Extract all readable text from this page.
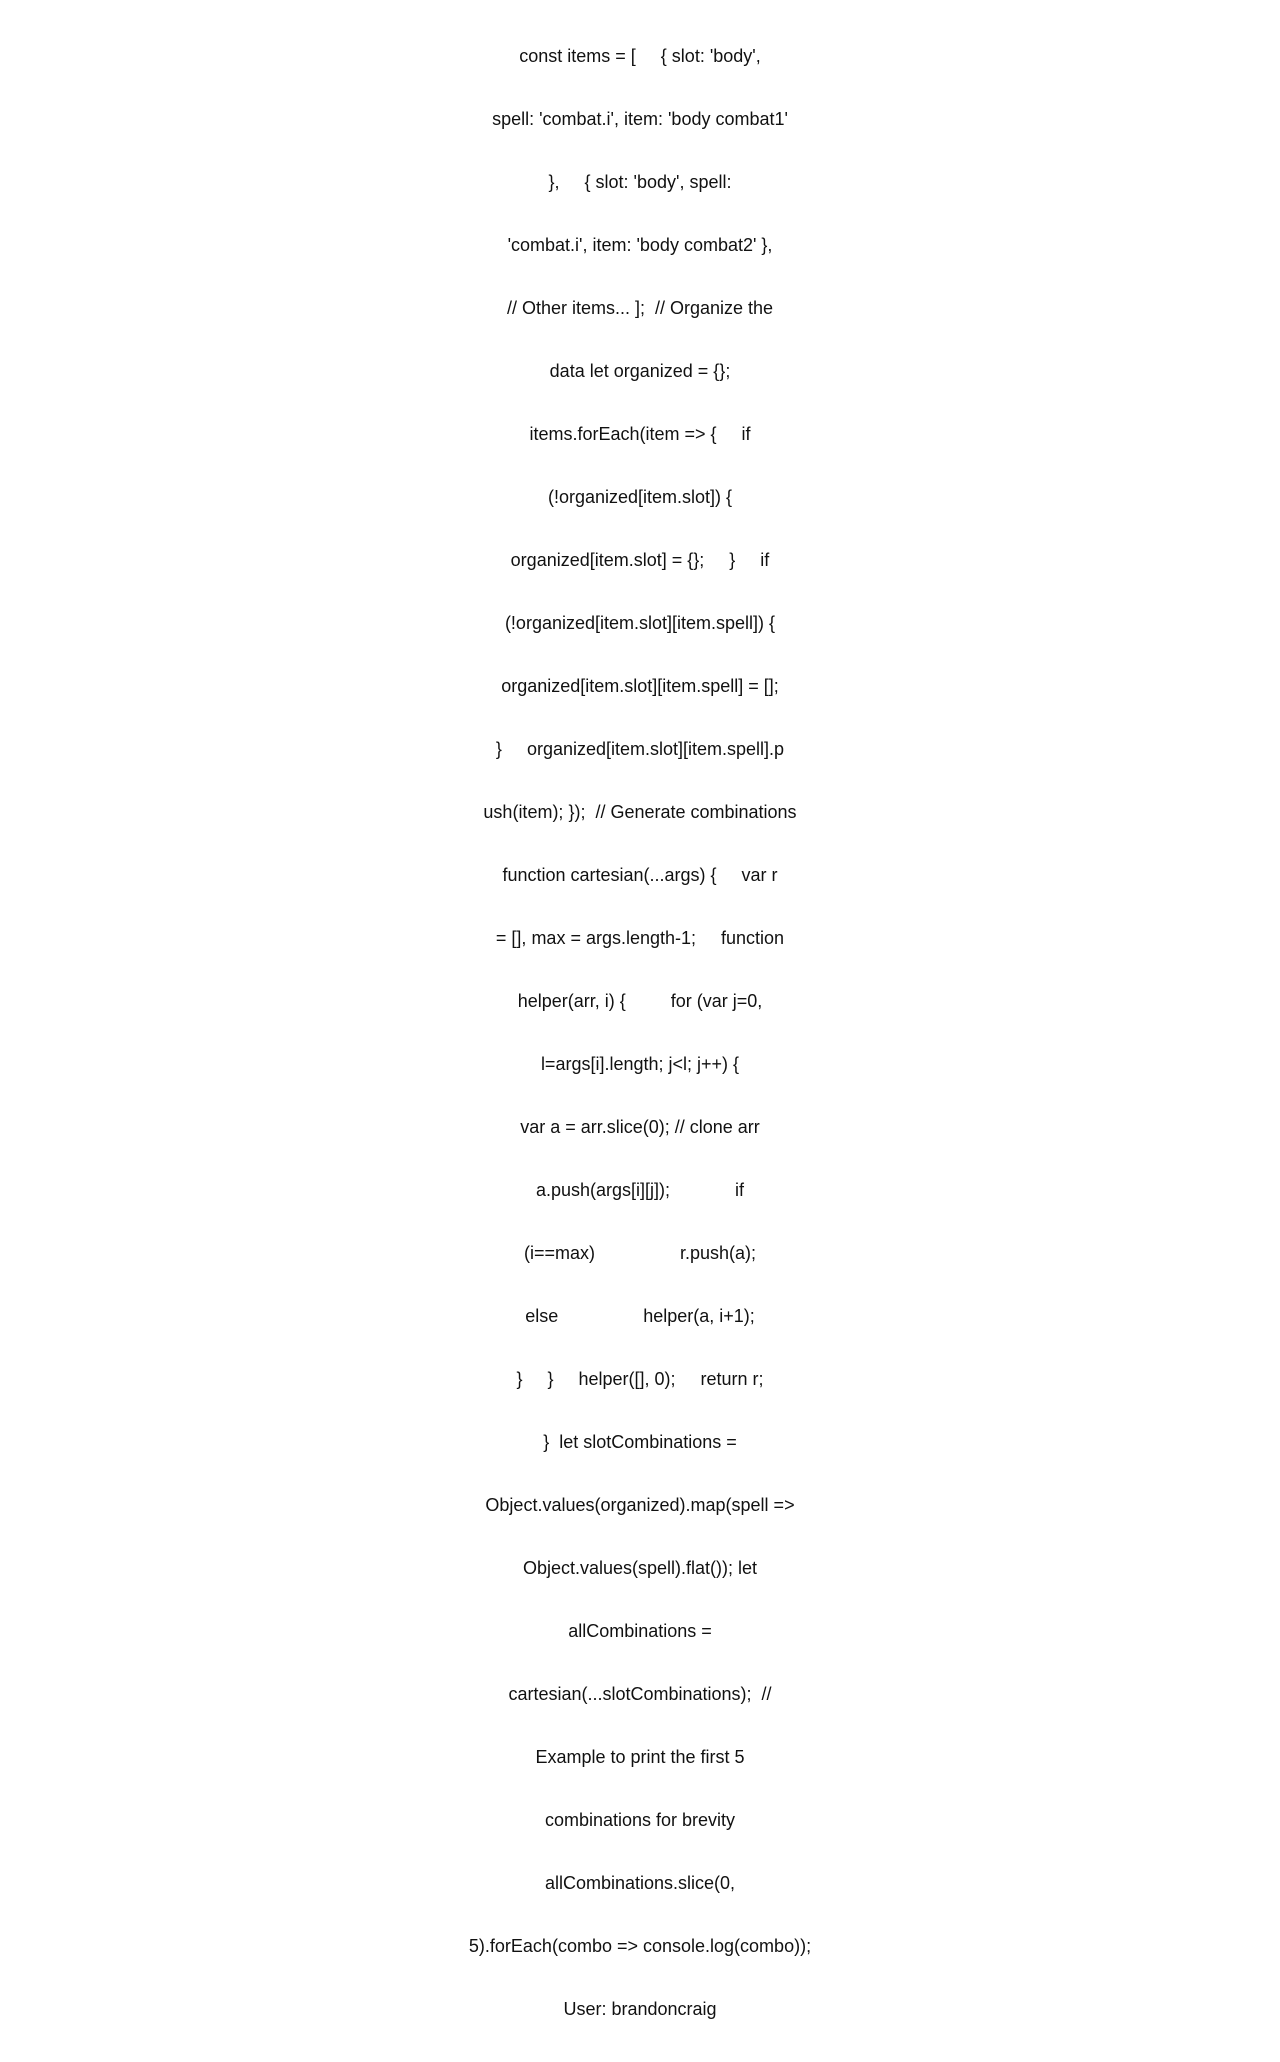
const items = [     { slot: 'body',

spell: 'combat.i', item: 'body combat1'

},     { slot: 'body', spell:

'combat.i', item: 'body combat2' },

// Other items... ];  // Organize the

data let organized = {};

items.forEach(item => {     if

(!organized[item.slot]) {

organized[item.slot] = {};     }     if

(!organized[item.slot][item.spell]) {

organized[item.slot][item.spell] = [];

}     organized[item.slot][item.spell].p

ush(item); });  // Generate combinations

function cartesian(...args) {     var r

= [], max = args.length-1;     function

helper(arr, i) {         for (var j=0,

l=args[i].length; j<l; j++) {

var a = arr.slice(0); // clone arr

a.push(args[i][j]);             if

(i==max)                 r.push(a);

else                 helper(a, i+1);

}     }     helper([], 0);     return r;

}  let slotCombinations =

Object.values(organized).map(spell =>

Object.values(spell).flat()); let

allCombinations =

cartesian(...slotCombinations);  //

Example to print the first 5

combinations for brevity

allCombinations.slice(0,

5).forEach(combo => console.log(combo));

User: brandoncraig
